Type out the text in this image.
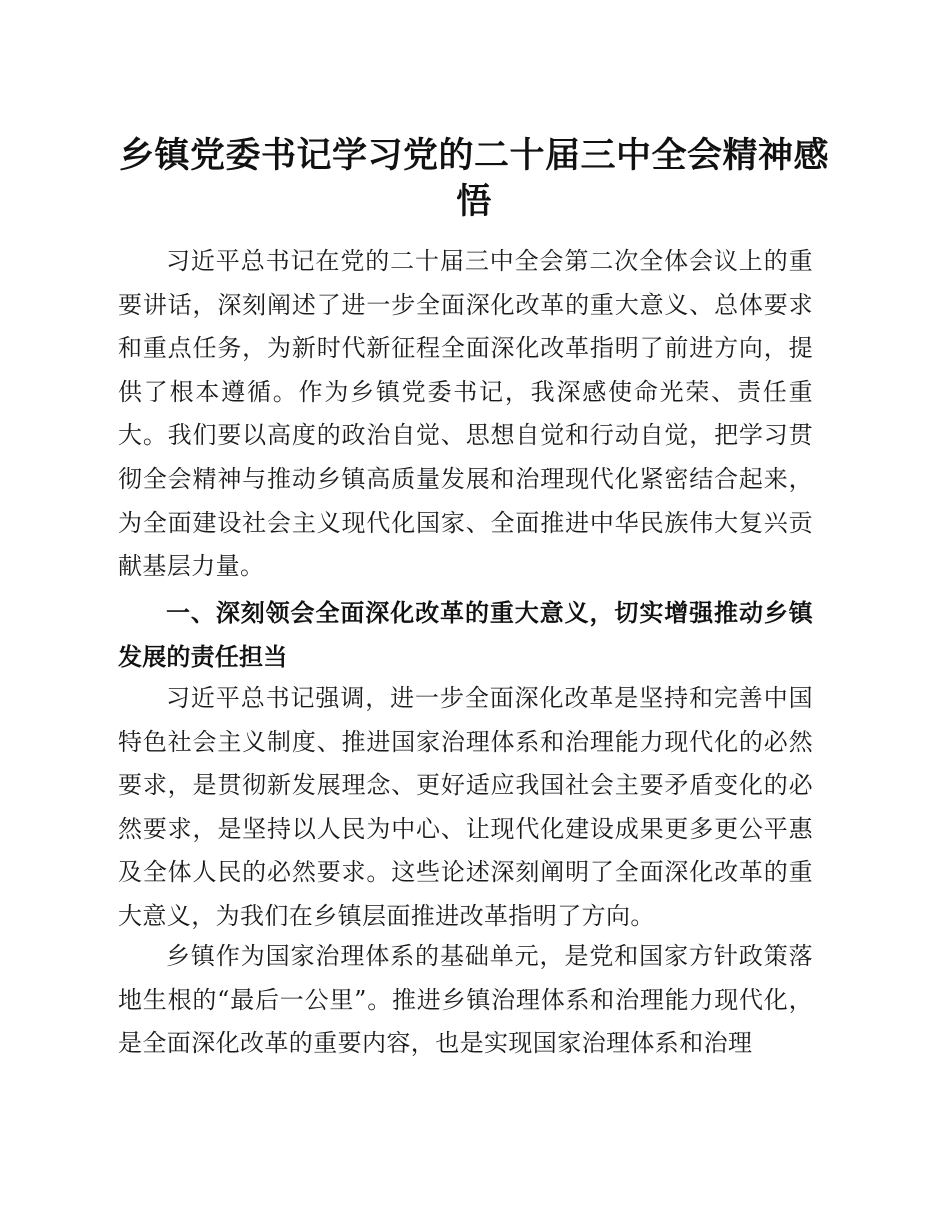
乡镇党委书记学习党的二十届三中全会精神感悟

习近平总书记在党的二十届三中全会第二次全体会议上的重要讲话，深刻阐述了进一步全面深化改革的重大意义、总体要求和重点任务，为新时代新征程全面深化改革指明了前进方向，提供了根本遵循。作为乡镇党委书记，我深感使命光荣、责任重大。我们要以高度的政治自觉、思想自觉和行动自觉，把学习贯彻全会精神与推动乡镇高质量发展和治理现代化紧密结合起来，为全面建设社会主义现代化国家、全面推进中华民族伟大复兴贡献基层力量。

一、深刻领会全面深化改革的重大意义，切实增强推动乡镇发展的责任担当

习近平总书记强调，进一步全面深化改革是坚持和完善中国特色社会主义制度、推进国家治理体系和治理能力现代化的必然要求，是贯彻新发展理念、更好适应我国社会主要矛盾变化的必然要求，是坚持以人民为中心、让现代化建设成果更多更公平惠及全体人民的必然要求。这些论述深刻阐明了全面深化改革的重大意义，为我们在乡镇层面推进改革指明了方向。

乡镇作为国家治理体系的基础单元，是党和国家方针政策落地生根的“最后一公里”。推进乡镇治理体系和治理能力现代化，是全面深化改革的重要内容，也是实现国家治理体系和治理
